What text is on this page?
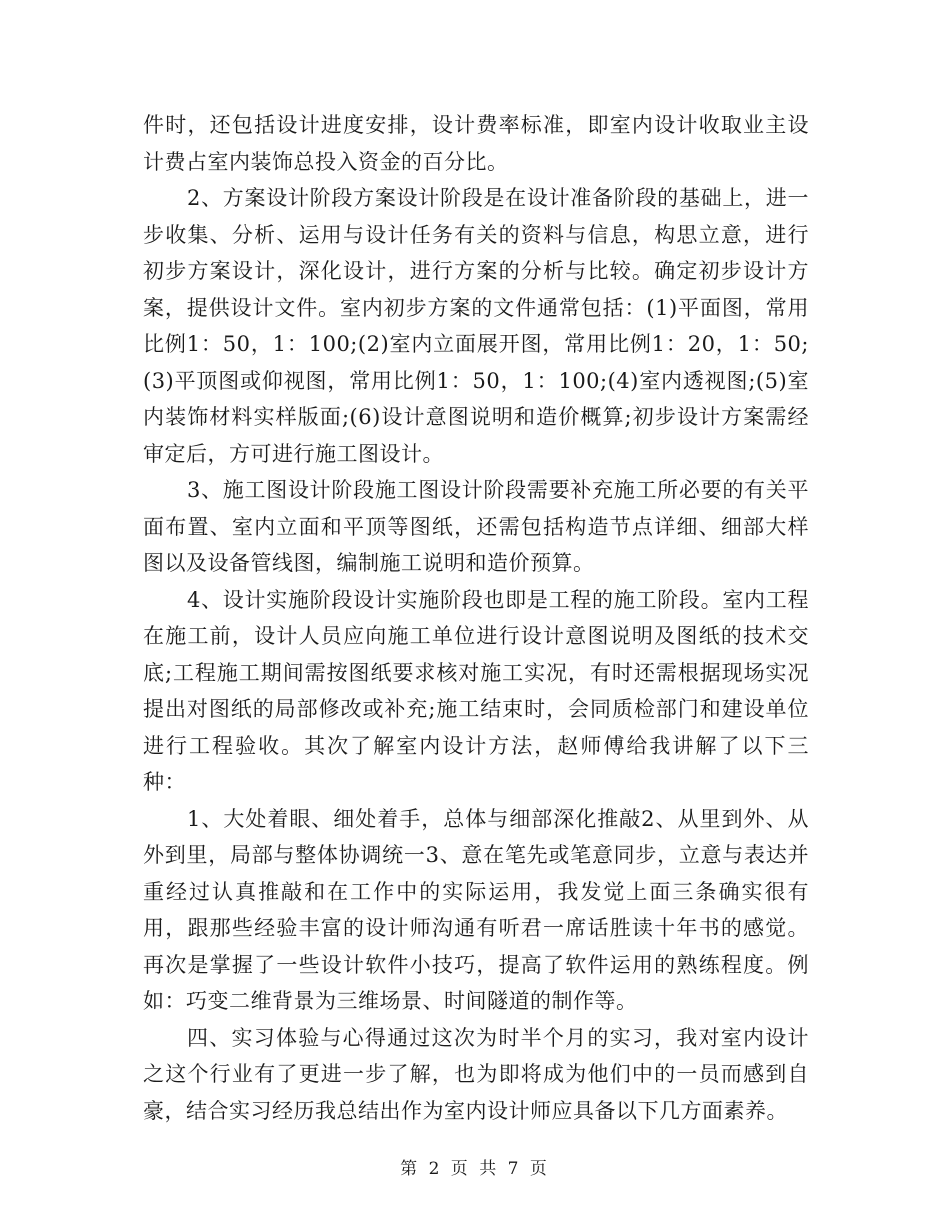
件时，还包括设计进度安排，设计费率标准，即室内设计收取业主设计费占室内装饰总投入资金的百分比。

2、方案设计阶段方案设计阶段是在设计准备阶段的基础上，进一步收集、分析、运用与设计任务有关的资料与信息，构思立意，进行初步方案设计，深化设计，进行方案的分析与比较。确定初步设计方案，提供设计文件。室内初步方案的文件通常包括：(1)平面图，常用比例1：50，1：100;(2)室内立面展开图，常用比例1：20，1：50;(3)平顶图或仰视图，常用比例1：50，1：100;(4)室内透视图;(5)室内装饰材料实样版面;(6)设计意图说明和造价概算;初步设计方案需经审定后，方可进行施工图设计。

3、施工图设计阶段施工图设计阶段需要补充施工所必要的有关平面布置、室内立面和平顶等图纸，还需包括构造节点详细、细部大样图以及设备管线图，编制施工说明和造价预算。

4、设计实施阶段设计实施阶段也即是工程的施工阶段。室内工程在施工前，设计人员应向施工单位进行设计意图说明及图纸的技术交底;工程施工期间需按图纸要求核对施工实况，有时还需根据现场实况提出对图纸的局部修改或补充;施工结束时，会同质检部门和建设单位进行工程验收。其次了解室内设计方法，赵师傅给我讲解了以下三种：

1、大处着眼、细处着手，总体与细部深化推敲2、从里到外、从外到里，局部与整体协调统一3、意在笔先或笔意同步，立意与表达并重经过认真推敲和在工作中的实际运用，我发觉上面三条确实很有用，跟那些经验丰富的设计师沟通有听君一席话胜读十年书的感觉。再次是掌握了一些设计软件小技巧，提高了软件运用的熟练程度。例如：巧变二维背景为三维场景、时间隧道的制作等。

四、实习体验与心得通过这次为时半个月的实习，我对室内设计之这个行业有了更进一步了解，也为即将成为他们中的一员而感到自豪，结合实习经历我总结出作为室内设计师应具备以下几方面素养。

第 2 页 共 7 页
